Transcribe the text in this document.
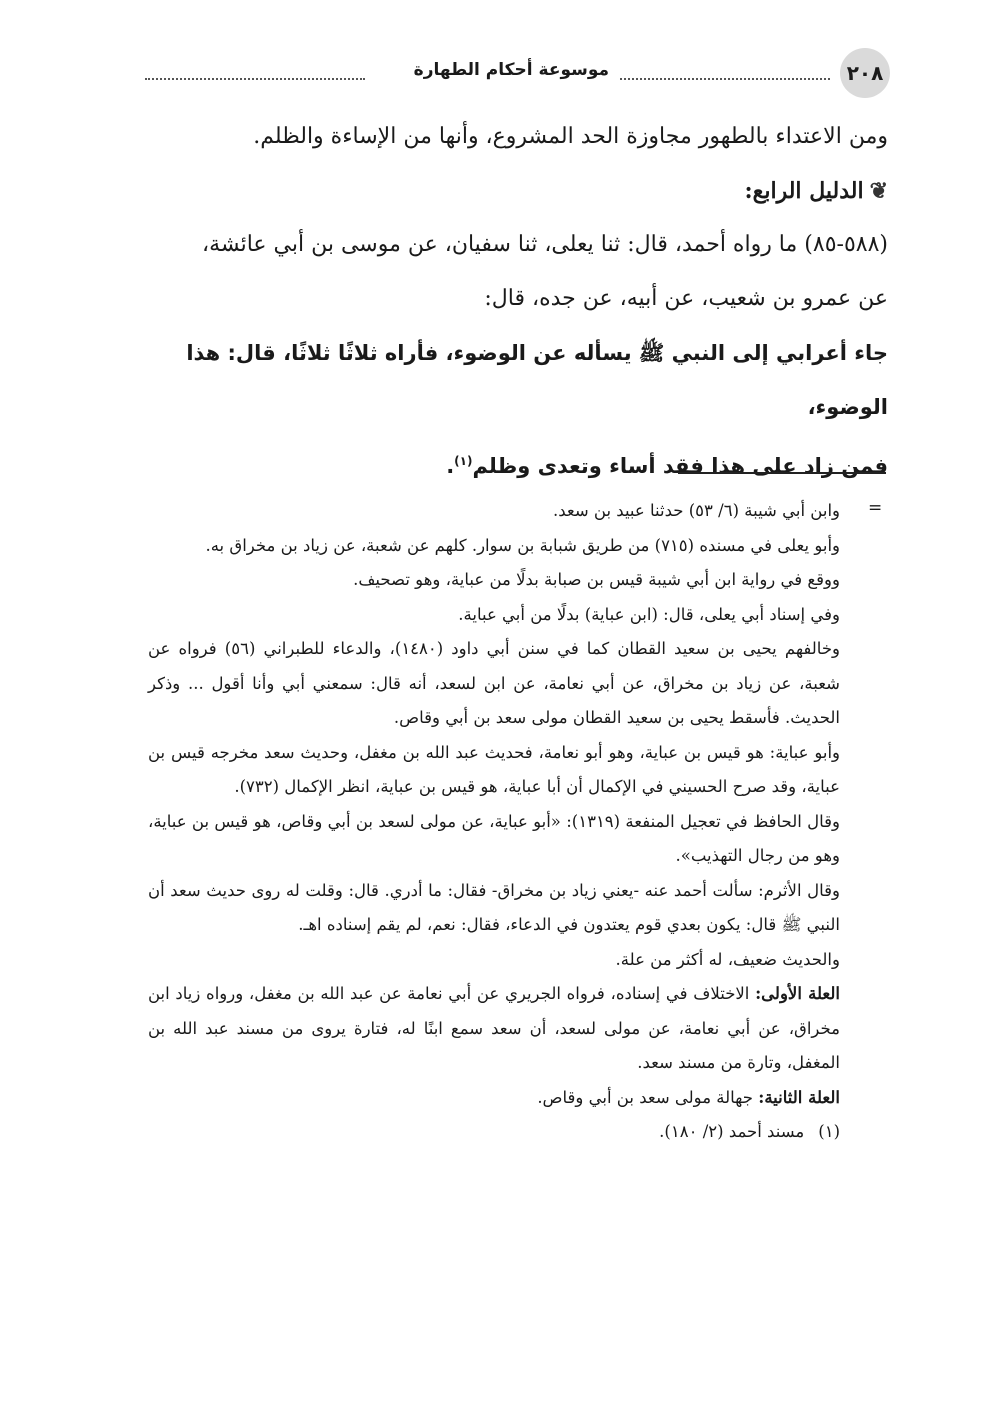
٢٠٨
موسوعة أحكام الطهارة

ومن الاعتداء بالطهور مجاوزة الحد المشروع، وأنها من الإساءة والظلم.

❦الدليل الرابع:

(٥٨٨-٨٥) ما رواه أحمد، قال: ثنا يعلى، ثنا سفيان، عن موسى بن أبي عائشة،

عن عمرو بن شعيب، عن أبيه، عن جده، قال:

جاء أعرابي إلى النبي ﷺ يسأله عن الوضوء، فأراه ثلاثًا ثلاثًا، قال: هذا الوضوء،

فمن زاد على هذا فقد أساء وتعدى وظلم$^{(١)}$.

=

وابن أبي شيبة (٦/ ٥٣) حدثنا عبيد بن سعد.

وأبو يعلى في مسنده (٧١٥) من طريق شبابة بن سوار. كلهم عن شعبة، عن زياد بن مخراق به.

ووقع في رواية ابن أبي شيبة قيس بن صبابة بدلًا من عباية، وهو تصحيف.

وفي إسناد أبي يعلى، قال: (ابن عباية) بدلًا من أبي عباية.

وخالفهم يحيى بن سعيد القطان كما في سنن أبي داود (١٤٨٠)، والدعاء للطبراني (٥٦) فرواه عن شعبة، عن زياد بن مخراق، عن أبي نعامة، عن ابن لسعد، أنه قال: سمعني أبي وأنا أقول ... وذكر الحديث. فأسقط يحيى بن سعيد القطان مولى سعد بن أبي وقاص.

وأبو عباية: هو قيس بن عباية، وهو أبو نعامة، فحديث عبد الله بن مغفل، وحديث سعد مخرجه قيس بن عباية، وقد صرح الحسيني في الإكمال أن أبا عباية، هو قيس بن عباية، انظر الإكمال (٧٣٢).

وقال الحافظ في تعجيل المنفعة (١٣١٩): «أبو عباية، عن مولى لسعد بن أبي وقاص، هو قيس بن عباية، وهو من رجال التهذيب».

وقال الأثرم: سألت أحمد عنه -يعني زياد بن مخراق- فقال: ما أدري. قال: وقلت له روى حديث سعد أن النبي ﷺ قال: يكون بعدي قوم يعتدون في الدعاء، فقال: نعم، لم يقم إسناده اهـ.

والحديث ضعيف، له أكثر من علة.

العلة الأولى: الاختلاف في إسناده، فرواه الجريري عن أبي نعامة عن عبد الله بن مغفل، ورواه زياد ابن مخراق، عن أبي نعامة، عن مولى لسعد، أن سعد سمع ابنًا له، فتارة يروى من مسند عبد الله بن المغفل، وتارة من مسند سعد.

العلة الثانية: جهالة مولى سعد بن أبي وقاص.

(١)مسند أحمد (٢/ ١٨٠).
